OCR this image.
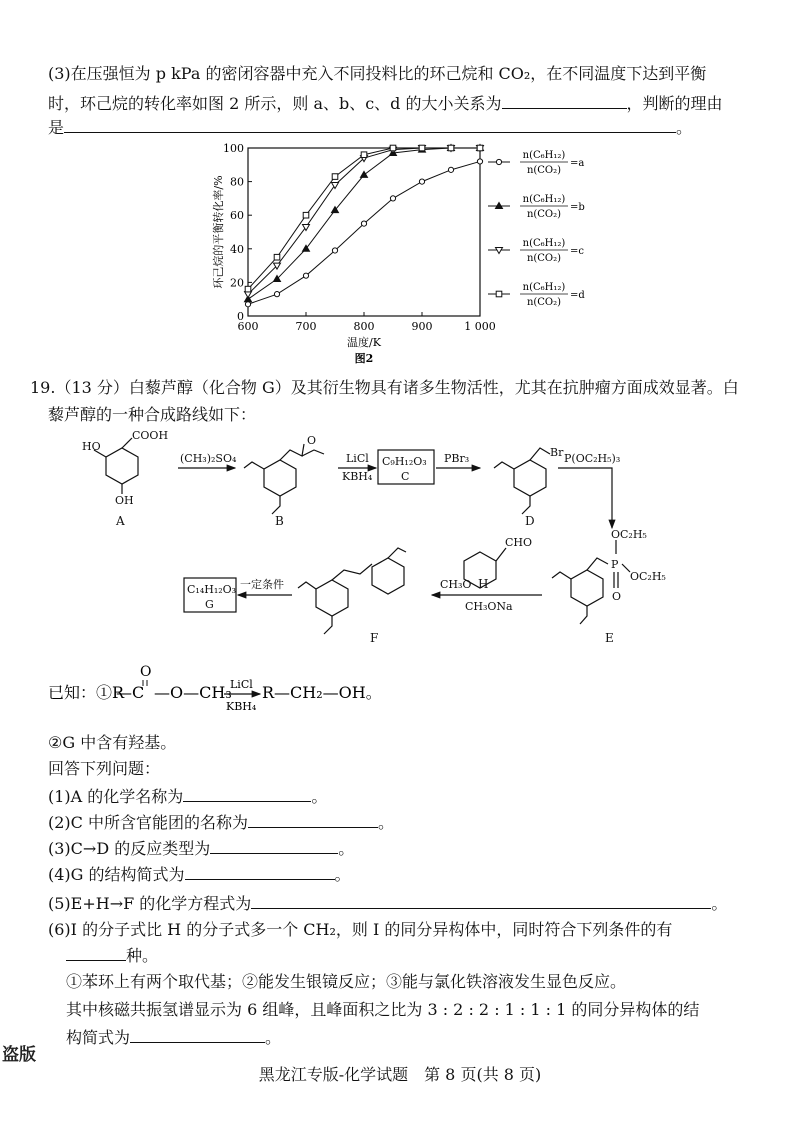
(3)在压强恒为 p kPa 的密闭容器中充入不同投料比的环己烷和 CO₂，在不同温度下达到平衡
时，环己烷的转化率如图 2 所示，则 a、b、c、d 的大小关系为	，判断的理由
是	。
600	700	800	900	1 000
0
20
40
60
80
100
温度/K
图2
环己烷的平衡转化率/%
n(C₆H₁₂)
n(CO₂)
=a
n(C₆H₁₂)
n(CO₂)
=b
n(C₆H₁₂)
n(CO₂)
=c
n(C₆H₁₂)
n(CO₂)
=d
19.（13 分）白藜芦醇（化合物 G）及其衍生物具有诸多生物活性，尤其在抗肿瘤方面成效显著。白
藜芦醇的一种合成路线如下：
HO
COOH
OH
A
(CH₃)₂SO₄
O
B
LiCl
KBH₄
C₉H₁₂O₃
C
PBr₃	Br
D
P(OC₂H₅)₃
OC₂H₅
P
OC₂H₅
O
E
CHO
CH₃O H
CH₃ONa
F
一定条件
C₁₄H₁₂O₃
G
已知：①R
—C
O
—O—CH₃
LiCl
KBH₄
R—CH₂—OH。
②G 中含有羟基。
回答下列问题：
(1)A 的化学名称为	。
(2)C 中所含官能团的名称为	。
(3)C→D 的反应类型为	。
(4)G 的结构简式为	。
(5)E+H→F 的化学方程式为	。
(6)I 的分子式比 H 的分子式多一个 CH₂，则 I 的同分异构体中，同时符合下列条件的有
种。
①苯环上有两个取代基；②能发生银镜反应；③能与氯化铁溶液发生显色反应。
其中核磁共振氢谱显示为 6 组峰，且峰面积之比为 3 : 2 : 2 : 1 : 1 : 1 的同分异构体的结
构简式为	。
盗版
黑龙江专版-化学试题　第 8 页(共 8 页)
